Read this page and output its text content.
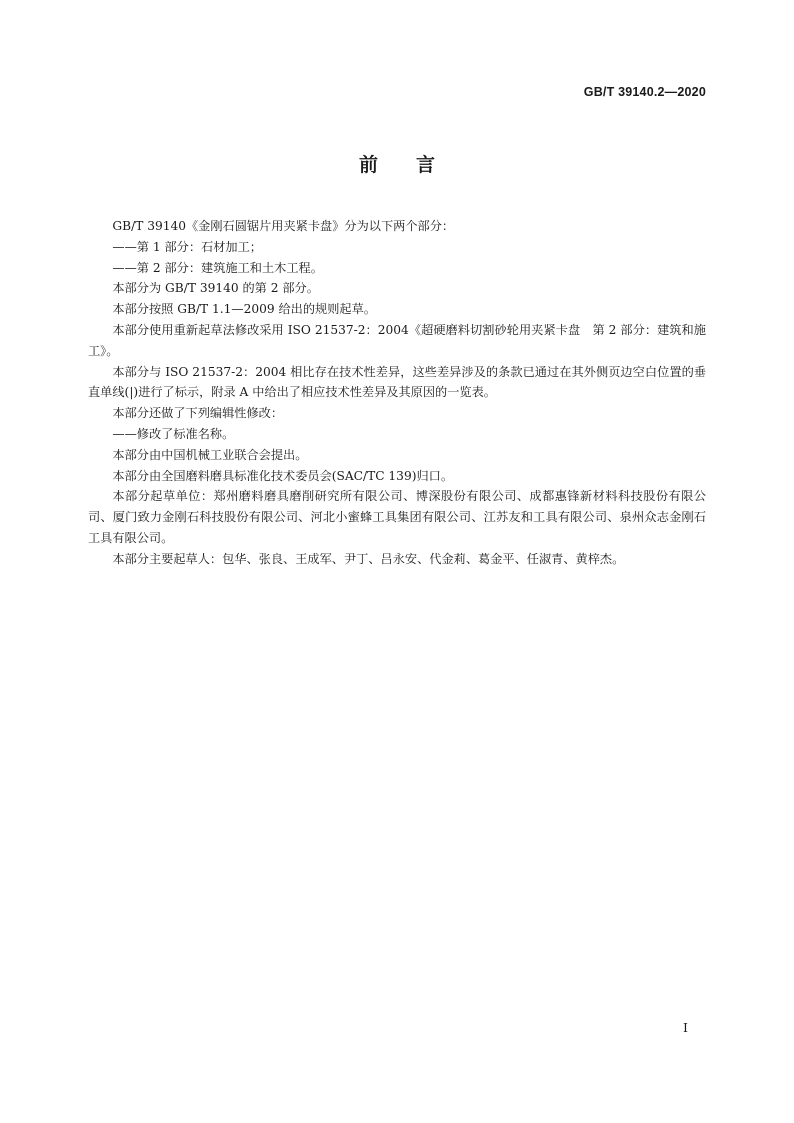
GB/T 39140.2—2020
前言

GB/T 39140《金刚石圆锯片用夹紧卡盘》分为以下两个部分：

——第 1 部分：石材加工；

——第 2 部分：建筑施工和土木工程。

本部分为 GB/T 39140 的第 2 部分。

本部分按照 GB/T 1.1—2009 给出的规则起草。

本部分使用重新起草法修改采用 ISO 21537-2：2004《超硬磨料切割砂轮用夹紧卡盘　第 2 部分：建筑和施工》。

本部分与 ISO 21537-2：2004 相比存在技术性差异，这些差异涉及的条款已通过在其外侧页边空白位置的垂直单线(|)进行了标示，附录 A 中给出了相应技术性差异及其原因的一览表。

本部分还做了下列编辑性修改：

——修改了标准名称。

本部分由中国机械工业联合会提出。

本部分由全国磨料磨具标准化技术委员会(SAC/TC 139)归口。

本部分起草单位：郑州磨料磨具磨削研究所有限公司、博深股份有限公司、成都惠锋新材料科技股份有限公司、厦门致力金刚石科技股份有限公司、河北小蜜蜂工具集团有限公司、江苏友和工具有限公司、泉州众志金刚石工具有限公司。

本部分主要起草人：包华、张良、王成军、尹丁、吕永安、代金莉、葛金平、任淑青、黄梓杰。

I
